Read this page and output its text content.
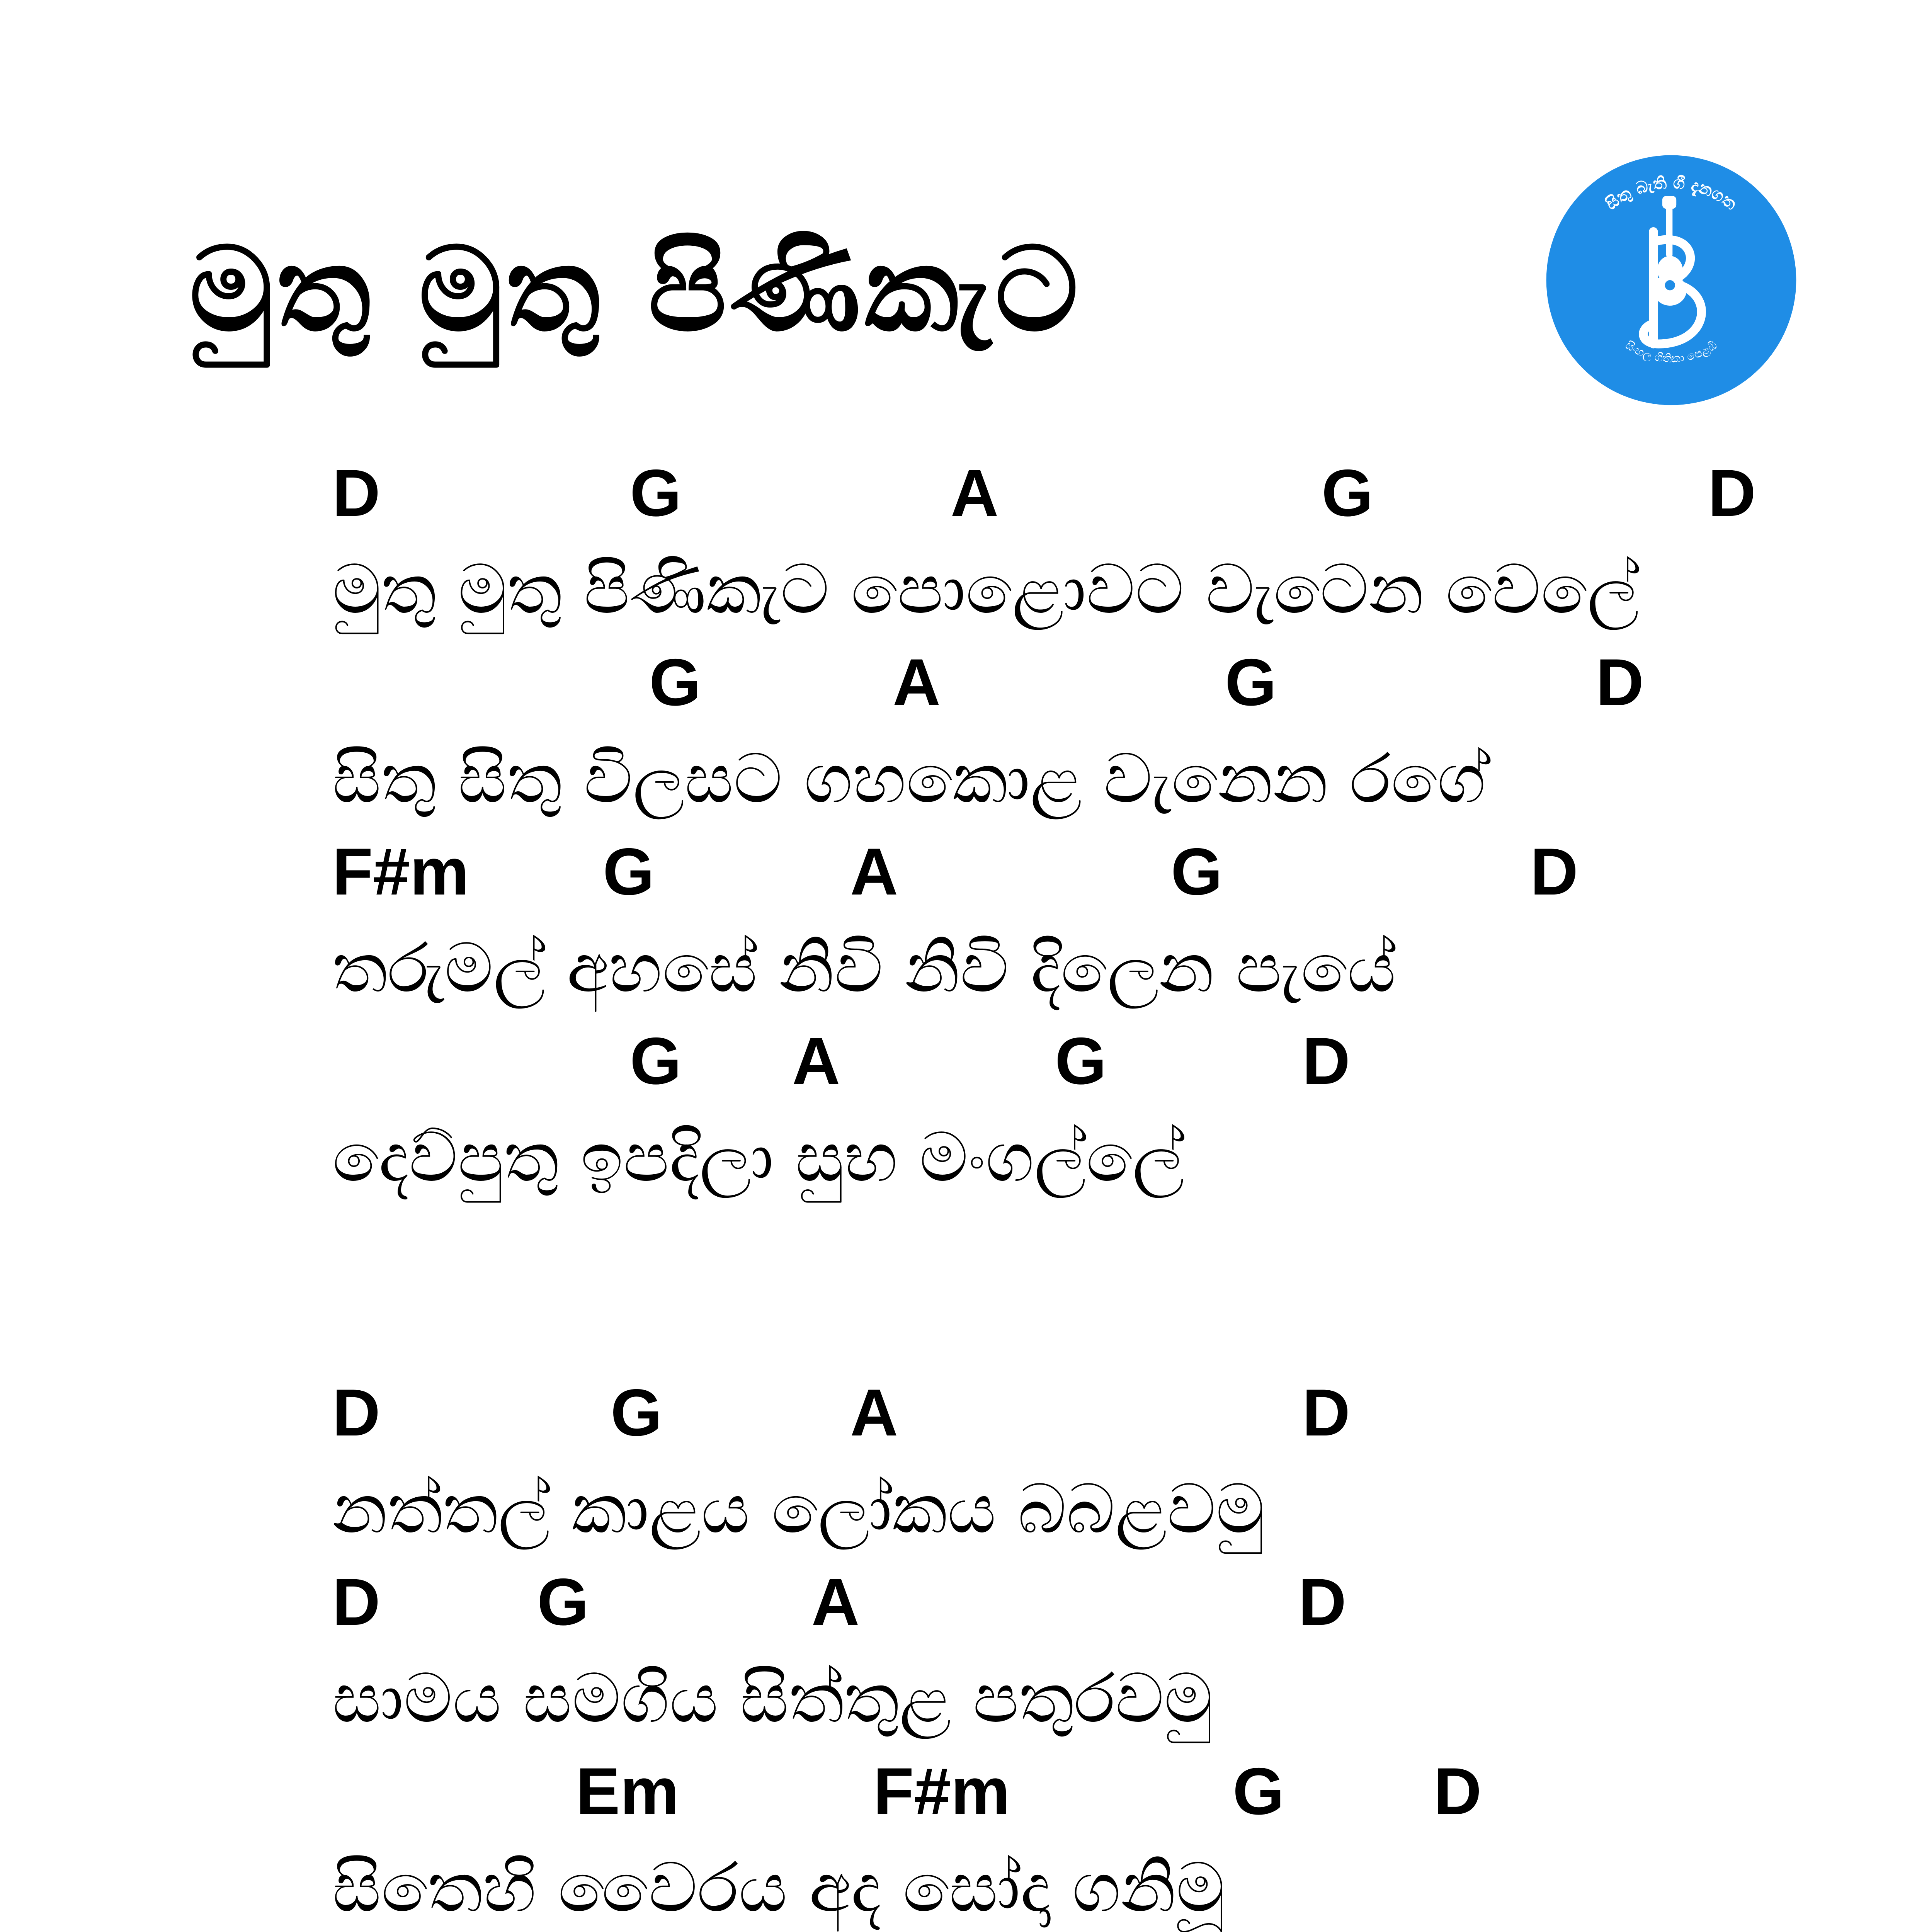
මුතු මුතු පිණිකැට
සිතු බැති ගී දැනගත
සිංහල ගීතිකා පෙළඹි
D	G	A	G	D
මුතු මුතු පිණිකැට පොළොවට වැටෙන වෙලේ
G	A	G	D
සිතු සිතු විලසට ගහකොළ වැනෙන රගේ
F#m G	A	G	D
තරුමල් අහසේ නිවි නිවි දිලෙන පැයේ
G A	G	D
දෙව්පුතු ඉපදිලා සුභ මංගල්ලේ
D	G	A	D
නත්තල් කාළය ලෝකය බබළවමු
D G	A	D
සාමය සමගිය සිත්තුළ පතුරවමු
Em	F#m	G D
සිතෙහි වෛරය අද සෝදා ගනිමූ
